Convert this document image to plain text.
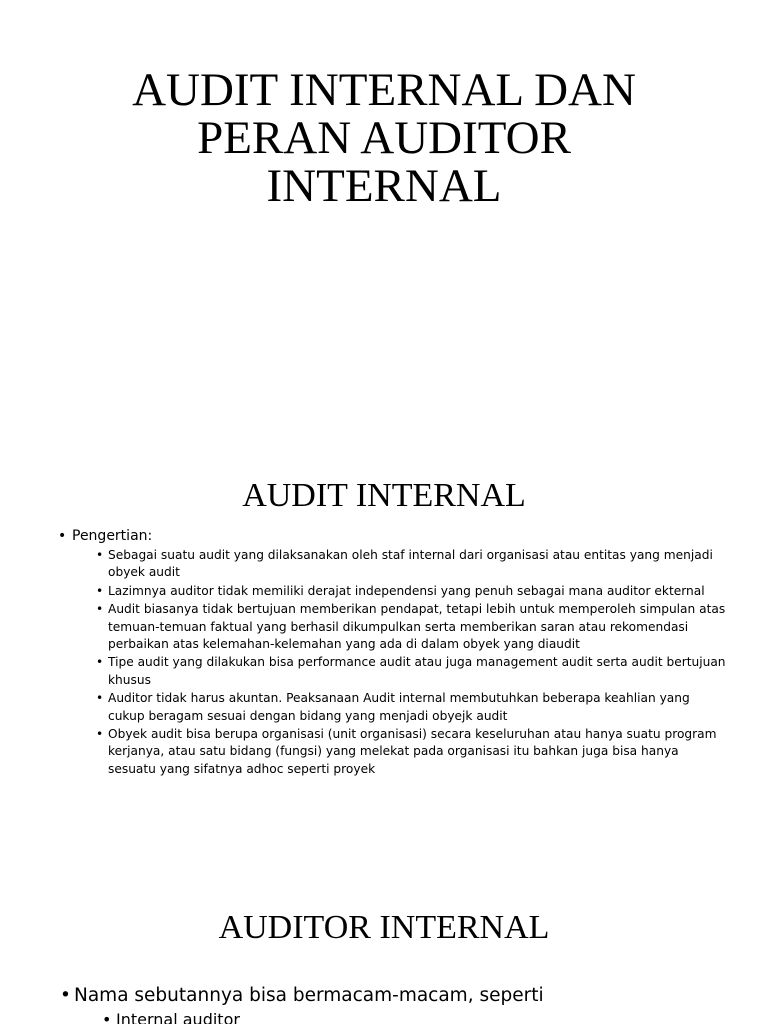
AUDIT INTERNAL DAN
PERAN AUDITOR
INTERNAL
AUDIT INTERNAL
• Pengertian:
• Sebagai suatu audit yang dilaksanakan oleh staf internal dari organisasi atau entitas yang menjadi obyek audit
• Lazimnya auditor tidak memiliki derajat independensi yang penuh sebagai mana auditor ekternal
• Audit biasanya tidak bertujuan memberikan pendapat, tetapi lebih untuk memperoleh simpulan atas temuan-temuan faktual yang berhasil dikumpulkan serta memberikan saran atau rekomendasi perbaikan atas kelemahan-kelemahan yang ada di dalam obyek yang diaudit
• Tipe audit yang dilakukan bisa performance audit atau juga management audit serta audit bertujuan khusus
• Auditor tidak harus akuntan. Peaksanaan Audit internal membutuhkan beberapa keahlian yang cukup beragam sesuai dengan bidang yang menjadi obyejk audit
• Obyek audit bisa berupa organisasi (unit organisasi) secara keseluruhan atau hanya suatu program kerjanya, atau satu bidang (fungsi) yang melekat pada organisasi itu bahkan juga bisa hanya sesuatu yang sifatnya adhoc seperti proyek
AUDITOR INTERNAL
• Nama sebutannya bisa bermacam-macam, seperti
• Internal auditor
